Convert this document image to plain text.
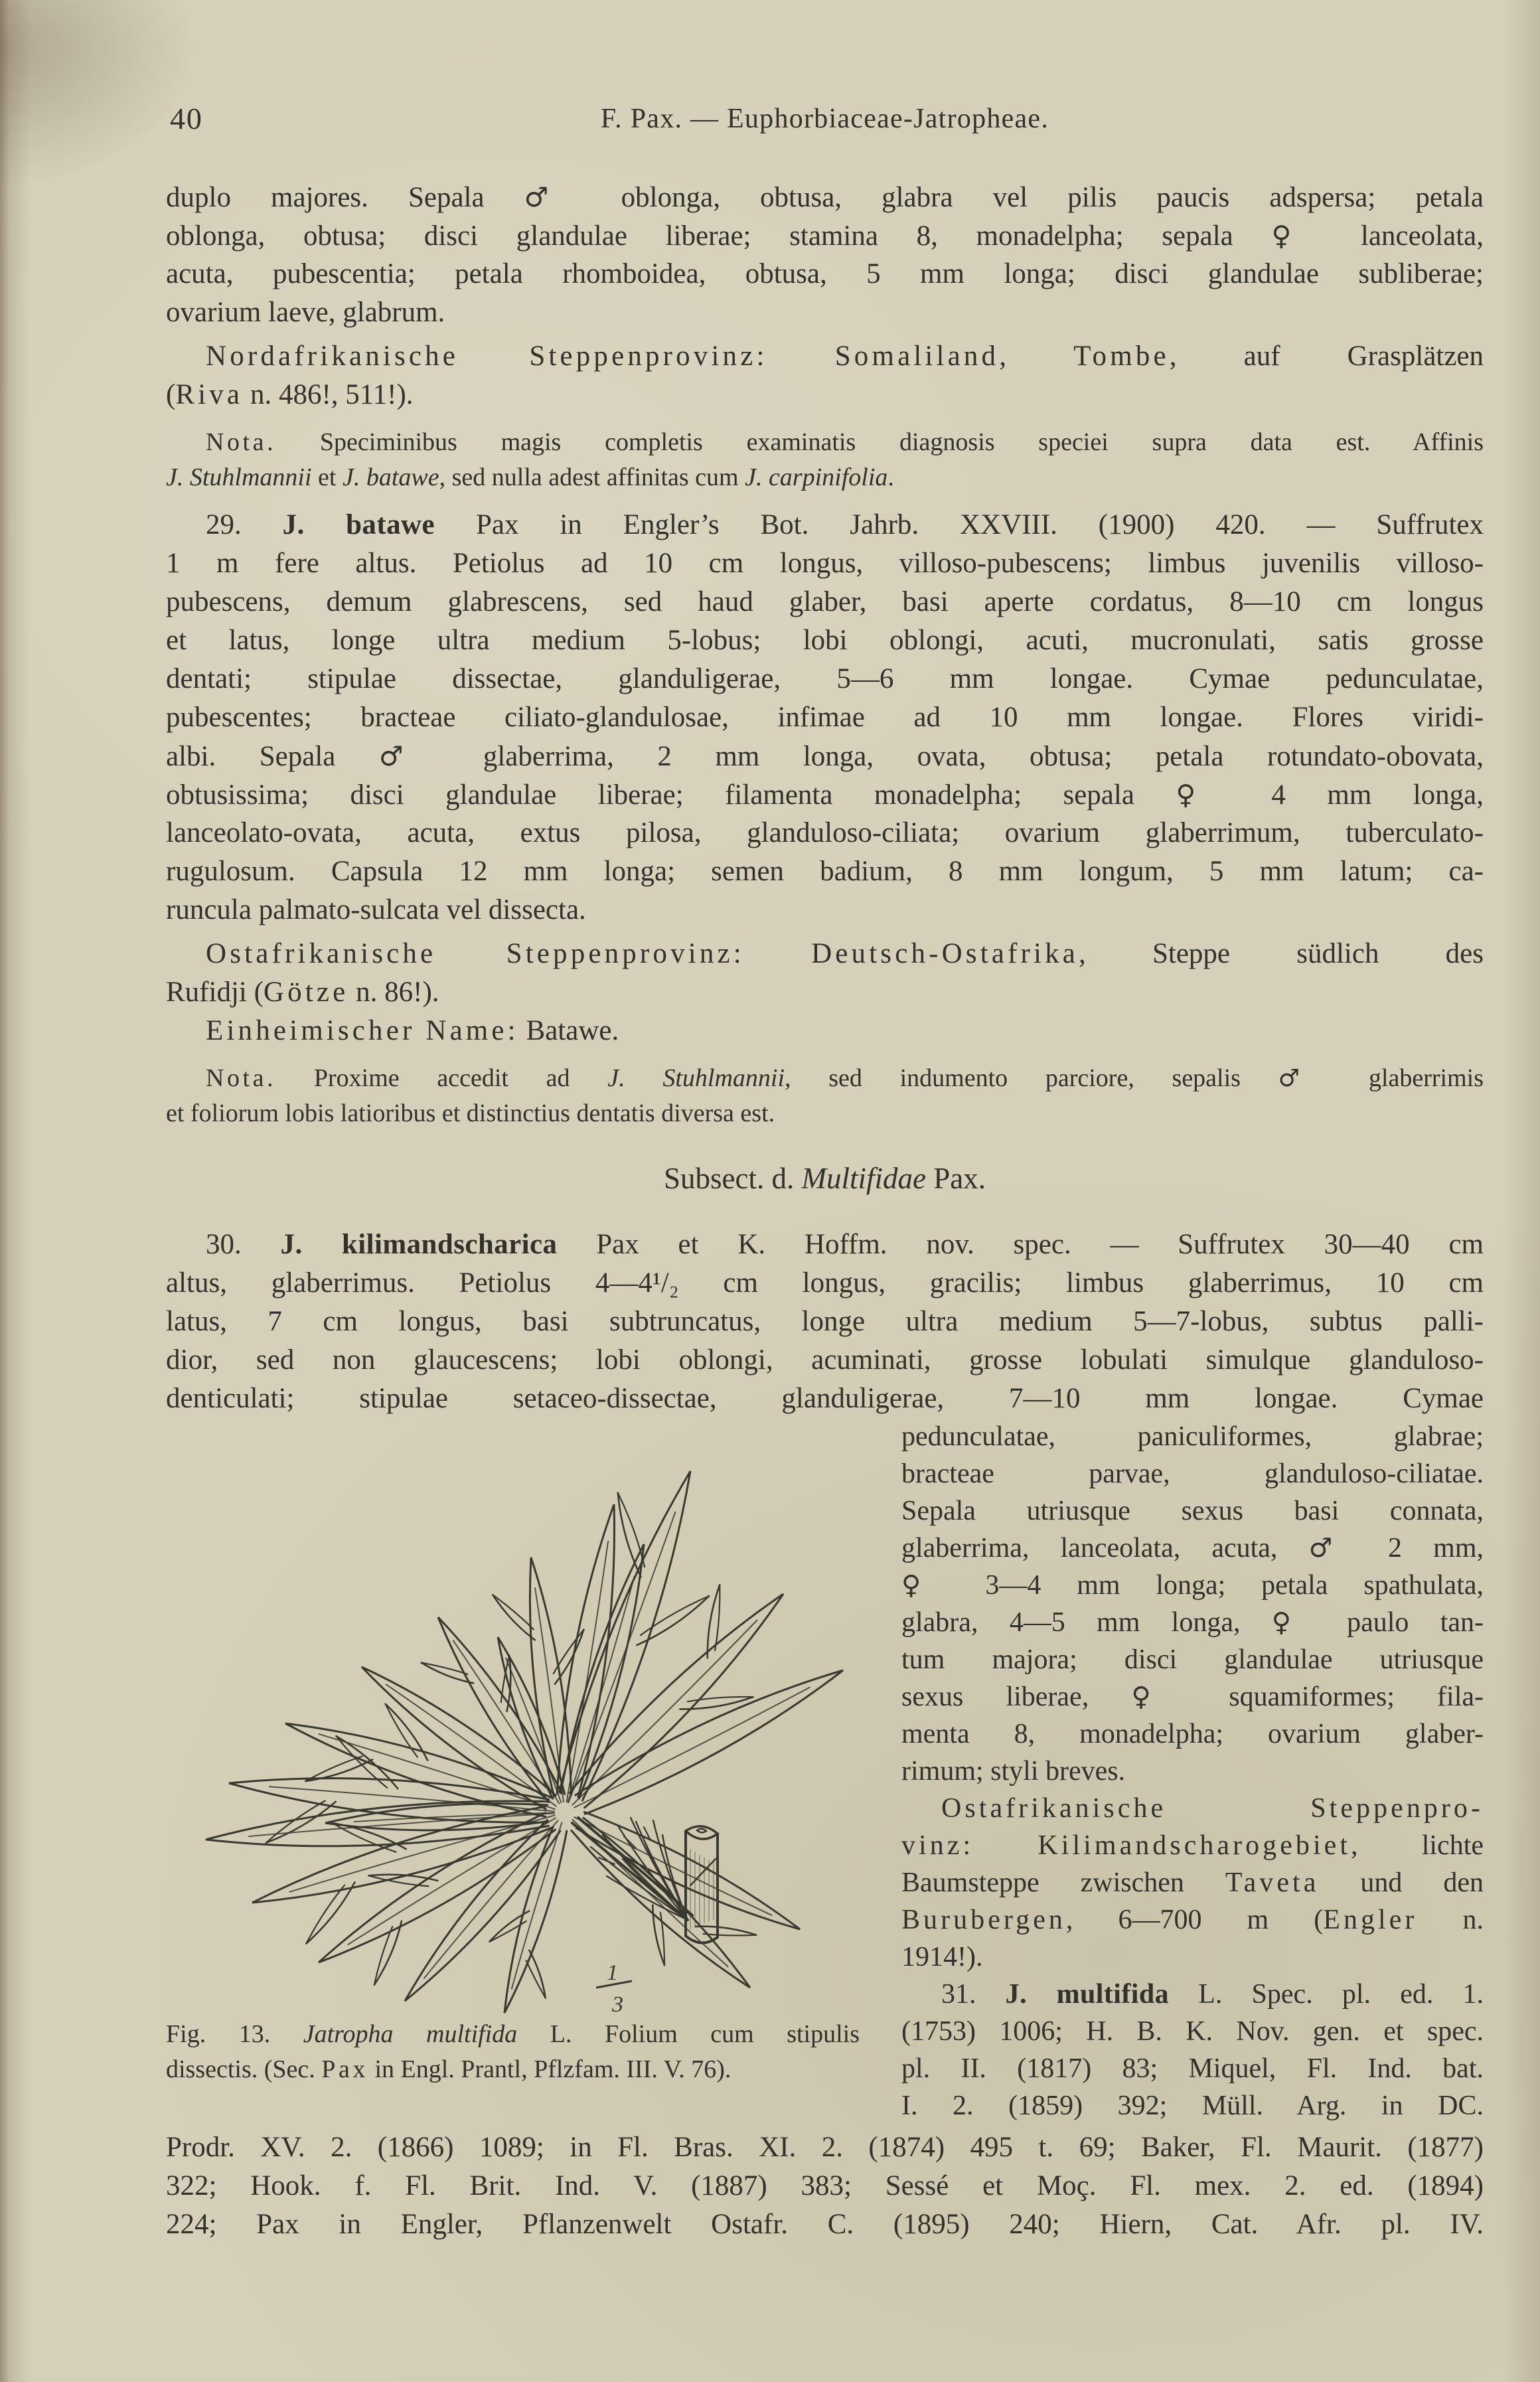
40	F. Pax. — Euphorbiaceae-Jatropheae.
duplo majores. Sepala ♂ oblonga, obtusa, glabra vel pilis paucis adspersa; petala
oblonga, obtusa; disci glandulae liberae; stamina 8, monadelpha; sepala ♀ lanceolata,
acuta, pubescentia; petala rhomboidea, obtusa, 5 mm longa; disci glandulae subliberae;
ovarium laeve, glabrum.
Nordafrikanische Steppenprovinz: Somaliland, Tombe, auf Grasplätzen
(Riva n. 486!, 511!).
Nota. Speciminibus magis completis examinatis diagnosis speciei supra data est. Affinis
J. Stuhlmannii et J. batawe, sed nulla adest affinitas cum J. carpinifolia.
29. J. batawe Pax in Engler’s Bot. Jahrb. XXVIII. (1900) 420. — Suffrutex
1 m fere altus. Petiolus ad 10 cm longus, villoso-pubescens; limbus juvenilis villoso-
pubescens, demum glabrescens, sed haud glaber, basi aperte cordatus, 8—10 cm longus
et latus, longe ultra medium 5-lobus; lobi oblongi, acuti, mucronulati, satis grosse
dentati; stipulae dissectae, glanduligerae, 5—6 mm longae. Cymae pedunculatae,
pubescentes; bracteae ciliato-glandulosae, infimae ad 10 mm longae. Flores viridi-
albi. Sepala ♂ glaberrima, 2 mm longa, ovata, obtusa; petala rotundato-obovata,
obtusissima; disci glandulae liberae; filamenta monadelpha; sepala ♀ 4 mm longa,
lanceolato-ovata, acuta, extus pilosa, glanduloso-ciliata; ovarium glaberrimum, tuberculato-
rugulosum. Capsula 12 mm longa; semen badium, 8 mm longum, 5 mm latum; ca-
runcula palmato-sulcata vel dissecta.
Ostafrikanische Steppenprovinz: Deutsch-Ostafrika, Steppe südlich des
Rufidji (Götze n. 86!).
Einheimischer Name: Batawe.
Nota. Proxime accedit ad J. Stuhlmannii, sed indumento parciore, sepalis ♂ glaberrimis
et foliorum lobis latioribus et distinctius dentatis diversa est.
Subsect. d. Multifidae Pax.
30. J. kilimandscharica Pax et K. Hoffm. nov. spec. — Suffrutex 30—40 cm
altus, glaberrimus. Petiolus 4—4¹/₂ cm longus, gracilis; limbus glaberrimus, 10 cm
latus, 7 cm longus, basi subtruncatus, longe ultra medium 5—7-lobus, subtus palli-
dior, sed non glaucescens; lobi oblongi, acuminati, grosse lobulati simulque glanduloso-
denticulati; stipulae setaceo-dissectae, glanduligerae, 7—10 mm longae. Cymae
1
3
Fig. 13. Jatropha multifida L. Folium cum stipulis
dissectis. (Sec. Pax in Engl. Prantl, Pflzfam. III. V. 76).
pedunculatae, paniculiformes, glabrae;
bracteae parvae, glanduloso-ciliatae.
Sepala utriusque sexus basi connata,
glaberrima, lanceolata, acuta, ♂ 2 mm,
♀ 3—4 mm longa; petala spathulata,
glabra, 4—5 mm longa, ♀ paulo tan-
tum majora; disci glandulae utriusque
sexus liberae, ♀ squamiformes; fila-
menta 8, monadelpha; ovarium glaber-
rimum; styli breves.
Ostafrikanische Steppenpro-
vinz: Kilimandscharogebiet, lichte
Baumsteppe zwischen Taveta und den
Burubergen, 6—700 m (Engler n.
1914!).
31. J. multifida L. Spec. pl. ed. 1.
(1753) 1006; H. B. K. Nov. gen. et spec.
pl. II. (1817) 83; Miquel, Fl. Ind. bat.
I. 2. (1859) 392; Müll. Arg. in DC.
Prodr. XV. 2. (1866) 1089; in Fl. Bras. XI. 2. (1874) 495 t. 69; Baker, Fl. Maurit. (1877)
322; Hook. f. Fl. Brit. Ind. V. (1887) 383; Sessé et Moç. Fl. mex. 2. ed. (1894)
224; Pax in Engler, Pflanzenwelt Ostafr. C. (1895) 240; Hiern, Cat. Afr. pl. IV.
